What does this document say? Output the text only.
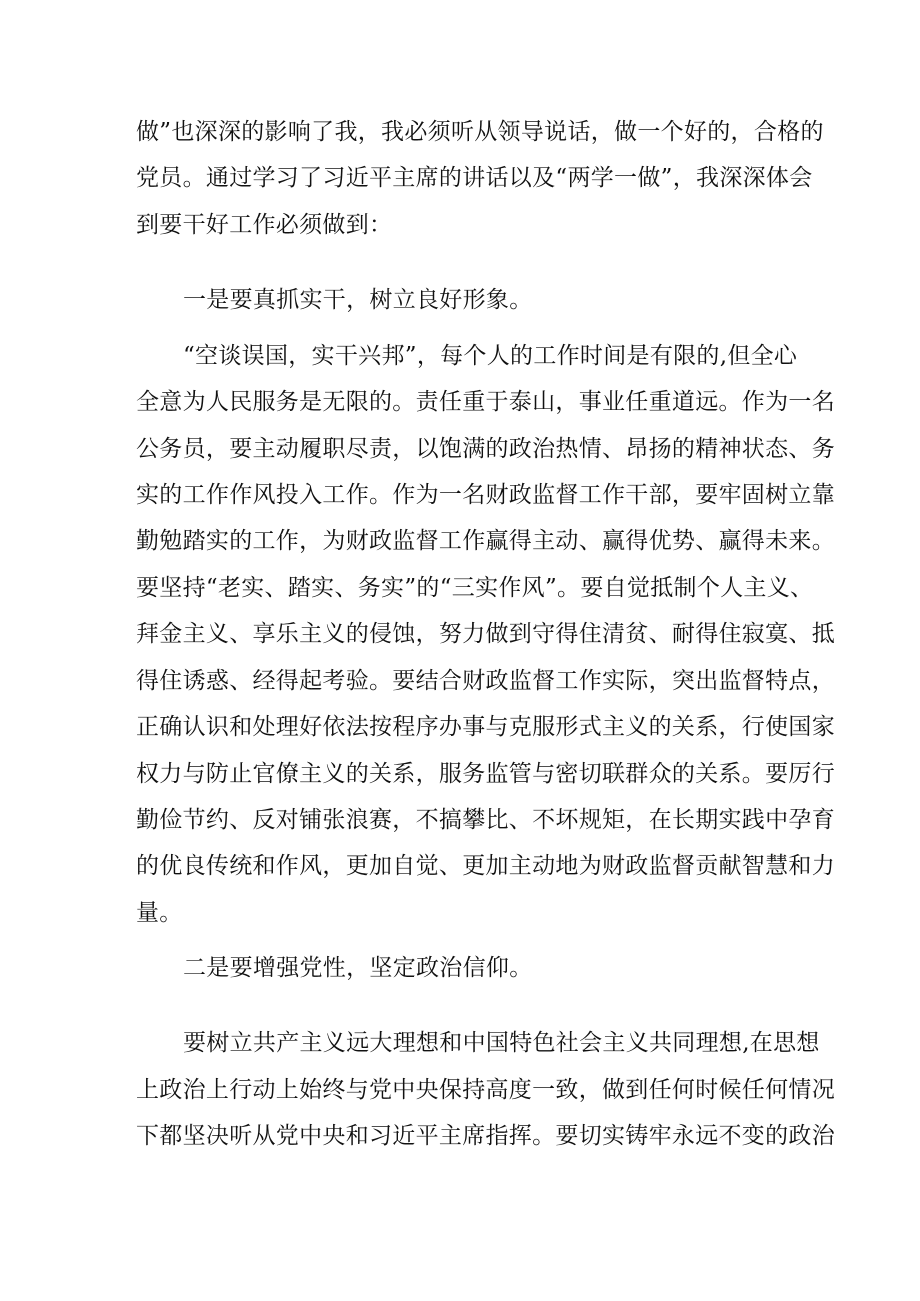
做”也深深的影响了我，我必须听从领导说话，做一个好的，合格的
党员。通过学习了习近平主席的讲话以及“两学一做”，我深深体会
到要干好工作必须做到：
一是要真抓实干，树立良好形象。
“空谈误国，实干兴邦”，每个人的工作时间是有限的,但全心
全意为人民服务是无限的。责任重于泰山，事业任重道远。作为一名
公务员，要主动履职尽责，以饱满的政治热情、昂扬的精神状态、务
实的工作作风投入工作。作为一名财政监督工作干部，要牢固树立靠
勤勉踏实的工作，为财政监督工作赢得主动、赢得优势、赢得未来。
要坚持“老实、踏实、务实”的“三实作风”。要自觉抵制个人主义、
拜金主义、享乐主义的侵蚀，努力做到守得住清贫、耐得住寂寞、抵
得住诱惑、经得起考验。要结合财政监督工作实际，突出监督特点，
正确认识和处理好依法按程序办事与克服形式主义的关系，行使国家
权力与防止官僚主义的关系，服务监管与密切联群众的关系。要厉行
勤俭节约、反对铺张浪赛，不搞攀比、不坏规矩，在长期实践中孕育
的优良传统和作风，更加自觉、更加主动地为财政监督贡献智慧和力
量。
二是要增强党性，坚定政治信仰。
要树立共产主义远大理想和中国特色社会主义共同理想,在思想
上政治上行动上始终与党中央保持高度一致，做到任何时候任何情况
下都坚决听从党中央和习近平主席指挥。要切实铸牢永远不变的政治
